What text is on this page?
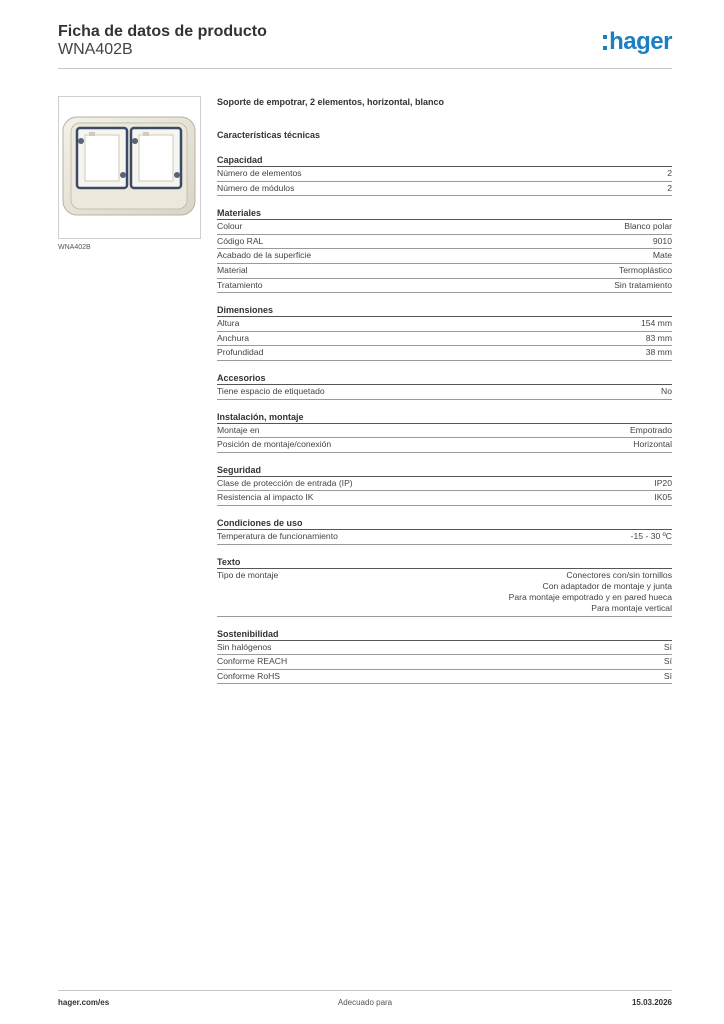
Ficha de datos de producto
WNA402B	hager
WNA402B
Soporte de empotrar, 2 elementos, horizontal, blanco
Características técnicas
Capacidad
Número de elementos	2
Número de módulos	2
Materiales
Colour	Blanco polar
Código RAL	9010
Acabado de la superficie	Mate
Material	Termoplástico
Tratamiento	Sin tratamiento
Dimensiones
Altura	154 mm
Anchura	83 mm
Profundidad	38 mm
Accesorios
Tiene espacio de etiquetado	No
Instalación, montaje
Montaje en	Empotrado
Posición de montaje/conexión	Horizontal
Seguridad
Clase de protección de entrada (IP)	IP20
Resistencia al impacto IK	IK05
Condiciones de uso
Temperatura de funcionamiento	-15 - 30 ºC
Texto
Tipo de montaje	Conectores con/sin tornillos
Con adaptador de montaje y junta
Para montaje empotrado y en pared hueca
Para montaje vertical
Sostenibilidad
Sin halógenos	Sí
Conforme REACH	Sí
Conforme RoHS	Sí
hager.com/es	Adecuado para	15.03.2026
